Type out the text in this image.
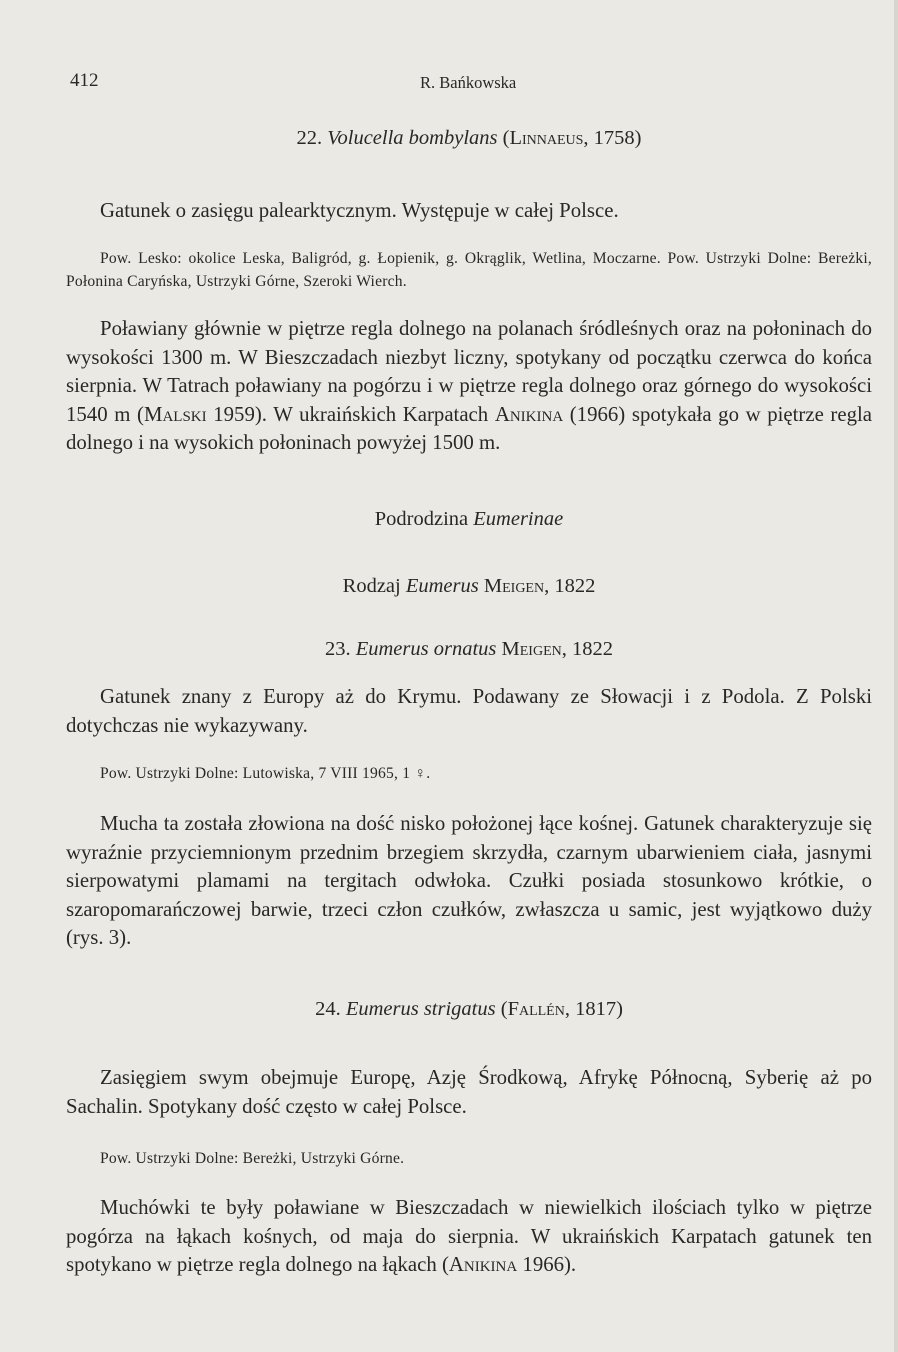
412	R. Bańkowska

22. Volucella bombylans (Linnaeus, 1758)

Gatunek o zasięgu palearktycznym. Występuje w całej Polsce.

Pow. Lesko: okolice Leska, Baligród, g. Łopienik, g. Okrąglik, Wetlina, Moczarne. Pow. Ustrzyki Dolne: Bereżki, Połonina Caryńska, Ustrzyki Górne, Szeroki Wierch.

Poławiany głównie w piętrze regla dolnego na polanach śródleśnych oraz na połoninach do wysokości 1300 m. W Bieszczadach niezbyt liczny, spotykany od początku czerwca do końca sierpnia. W Tatrach poławiany na pogórzu i w piętrze regla dolnego oraz górnego do wysokości 1540 m (Malski 1959). W ukraińskich Karpatach Anikina (1966) spotykała go w piętrze regla dolnego i na wysokich połoninach powyżej 1500 m.

Podrodzina Eumerinae

Rodzaj Eumerus Meigen, 1822

23. Eumerus ornatus Meigen, 1822

Gatunek znany z Europy aż do Krymu. Podawany ze Słowacji i z Podola. Z Polski dotychczas nie wykazywany.

Pow. Ustrzyki Dolne: Lutowiska, 7 VIII 1965, 1 ♀.

Mucha ta została złowiona na dość nisko położonej łące kośnej. Gatunek charakteryzuje się wyraźnie przyciemnionym przednim brzegiem skrzydła, czarnym ubarwieniem ciała, jasnymi sierpowatymi plamami na tergitach odwłoka. Czułki posiada stosunkowo krótkie, o szaropomarańczowej barwie, trzeci człon czułków, zwłaszcza u samic, jest wyjątkowo duży (rys. 3).

24. Eumerus strigatus (Fallén, 1817)

Zasięgiem swym obejmuje Europę, Azję Środkową, Afrykę Północną, Syberię aż po Sachalin. Spotykany dość często w całej Polsce.

Pow. Ustrzyki Dolne: Bereżki, Ustrzyki Górne.

Muchówki te były poławiane w Bieszczadach w niewielkich ilościach tylko w piętrze pogórza na łąkach kośnych, od maja do sierpnia. W ukraińskich Karpatach gatunek ten spotykano w piętrze regla dolnego na łąkach (Anikina 1966).
